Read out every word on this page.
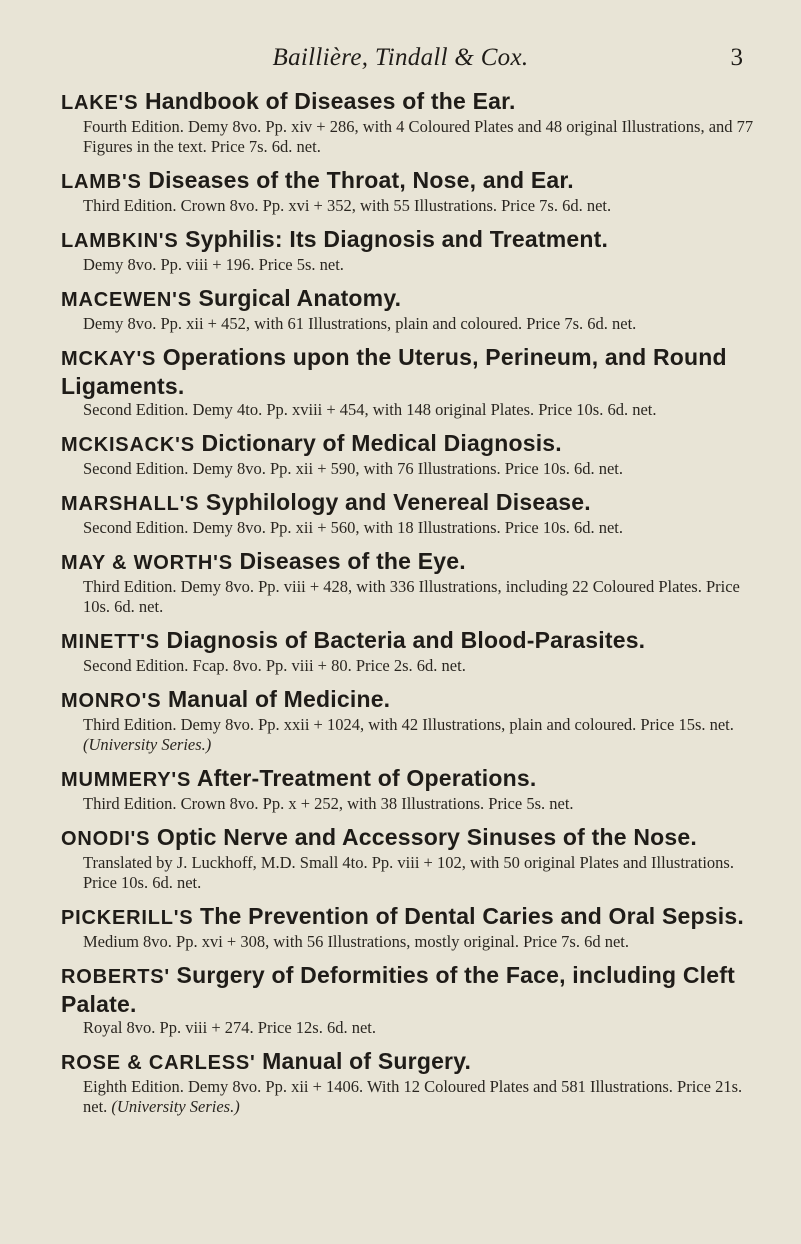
Baillière, Tindall & Cox.	3
LAKE'S Handbook of Diseases of the Ear.
Fourth Edition. Demy 8vo. Pp. xiv + 286, with 4 Coloured Plates and 48 original Illustrations, and 77 Figures in the text. Price 7s. 6d. net.
LAMB'S Diseases of the Throat, Nose, and Ear.
Third Edition. Crown 8vo. Pp. xvi + 352, with 55 Illustrations. Price 7s. 6d. net.
LAMBKIN'S Syphilis: Its Diagnosis and Treatment.
Demy 8vo. Pp. viii + 196. Price 5s. net.
MACEWEN'S Surgical Anatomy.
Demy 8vo. Pp. xii + 452, with 61 Illustrations, plain and coloured. Price 7s. 6d. net.
MCKAY'S Operations upon the Uterus, Perineum, and Round Ligaments.
Second Edition. Demy 4to. Pp. xviii + 454, with 148 original Plates. Price 10s. 6d. net.
MCKISACK'S Dictionary of Medical Diagnosis.
Second Edition. Demy 8vo. Pp. xii + 590, with 76 Illustrations. Price 10s. 6d. net.
MARSHALL'S Syphilology and Venereal Disease.
Second Edition. Demy 8vo. Pp. xii + 560, with 18 Illustrations. Price 10s. 6d. net.
MAY & WORTH'S Diseases of the Eye.
Third Edition. Demy 8vo. Pp. viii + 428, with 336 Illustrations, including 22 Coloured Plates. Price 10s. 6d. net.
MINETT'S Diagnosis of Bacteria and Blood-Parasites.
Second Edition. Fcap. 8vo. Pp. viii + 80. Price 2s. 6d. net.
MONRO'S Manual of Medicine.
Third Edition. Demy 8vo. Pp. xxii + 1024, with 42 Illustrations, plain and coloured. Price 15s. net. (University Series.)
MUMMERY'S After-Treatment of Operations.
Third Edition. Crown 8vo. Pp. x + 252, with 38 Illustrations. Price 5s. net.
ONODI'S Optic Nerve and Accessory Sinuses of the Nose.
Translated by J. Luckhoff, M.D. Small 4to. Pp. viii + 102, with 50 original Plates and Illustrations. Price 10s. 6d. net.
PICKERILL'S The Prevention of Dental Caries and Oral Sepsis.
Medium 8vo. Pp. xvi + 308, with 56 Illustrations, mostly original. Price 7s. 6d net.
ROBERTS' Surgery of Deformities of the Face, including Cleft Palate.
Royal 8vo. Pp. viii + 274. Price 12s. 6d. net.
ROSE & CARLESS' Manual of Surgery.
Eighth Edition. Demy 8vo. Pp. xii + 1406. With 12 Coloured Plates and 581 Illustrations. Price 21s. net. (University Series.)
